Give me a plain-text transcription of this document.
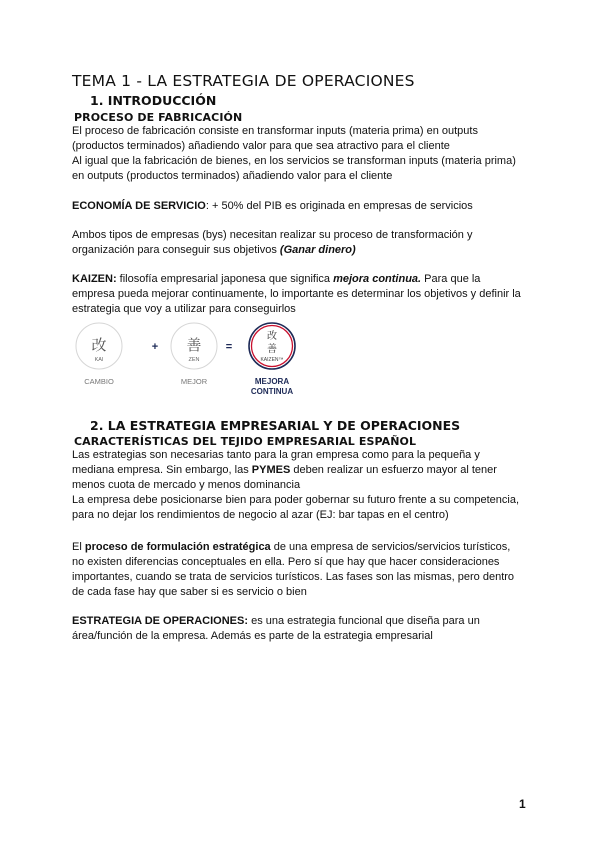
TEMA 1 - LA ESTRATEGIA DE OPERACIONES
1. INTRODUCCIÓN
PROCESO DE FABRICACIÓN

El proceso de fabricación consiste en transformar inputs (materia prima) en outputs

(productos terminados) añadiendo valor para que sea atractivo para el cliente

Al igual que la fabricación de bienes, en los servicios se transforman inputs (materia prima)

en outputs (productos terminados) añadiendo valor para el cliente

ECONOMÍA DE SERVICIO: + 50% del PIB es originada en empresas de servicios

Ambos tipos de empresas (bys) necesitan realizar su proceso de transformación y

organización para conseguir sus objetivos (Ganar dinero)

KAIZEN: filosofía empresarial japonesa que significa mejora continua. Para que la

empresa pueda mejorar continuamente, lo importante es determinar los objetivos y definir la

estrategia que voy a utilizar para conseguirlos

改
KAI
+ 善
ZEN
=
改
善
KAIZEN™
CAMBIO	MEJOR	MEJORA
CONTINUA
2. LA ESTRATEGIA EMPRESARIAL Y DE OPERACIONES
CARACTERÍSTICAS DEL TEJIDO EMPRESARIAL ESPAÑOL

Las estrategias son necesarias tanto para la gran empresa como para la pequeña y

mediana empresa. Sin embargo, las PYMES deben realizar un esfuerzo mayor al tener

menos cuota de mercado y menos dominancia

La empresa debe posicionarse bien para poder gobernar su futuro frente a su competencia,

para no dejar los rendimientos de negocio al azar (EJ: bar tapas en el centro)

El proceso de formulación estratégica de una empresa de servicios/servicios turísticos,

no existen diferencias conceptuales en ella. Pero sí que hay que hacer consideraciones

importantes, cuando se trata de servicios turísticos. Las fases son las mismas, pero dentro

de cada fase hay que saber si es servicio o bien

ESTRATEGIA DE OPERACIONES: es una estrategia funcional que diseña para un

área/función de la empresa. Además es parte de la estrategia empresarial

1
